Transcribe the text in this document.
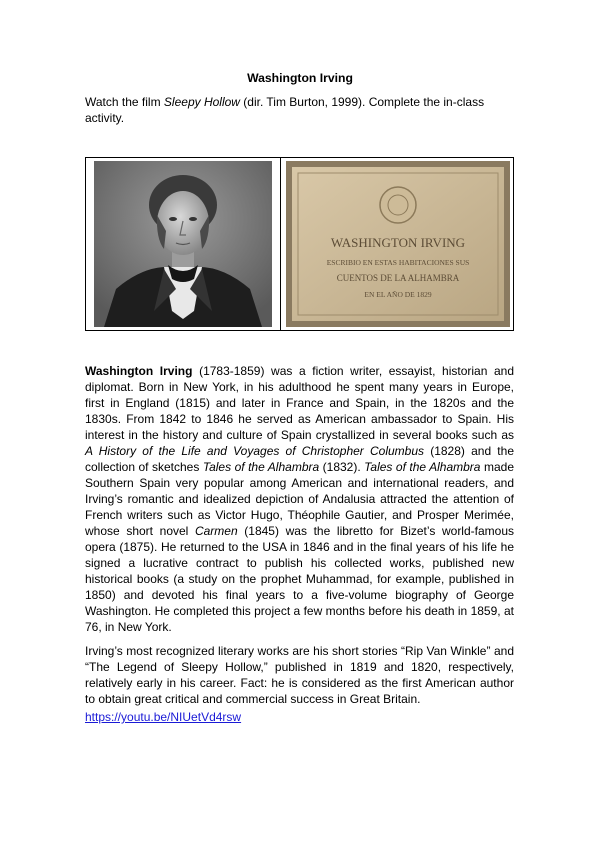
Washington Irving
Watch the film Sleepy Hollow (dir. Tim Burton, 1999). Complete the in-class activity.
WASHINGTON IRVING
ESCRIBIO EN ESTAS HABITACIONES SUS
CUENTOS DE LA ALHAMBRA
EN EL AÑO DE 1829

Washington Irving (1783-1859) was a fiction writer, essayist, historian and diplomat. Born in New York, in his adulthood he spent many years in Europe, first in England (1815) and later in France and Spain, in the 1820s and the 1830s. From 1842 to 1846 he served as American ambassador to Spain. His interest in the history and culture of Spain crystallized in several books such as A History of the Life and Voyages of Christopher Columbus (1828) and the collection of sketches Tales of the Alhambra (1832). Tales of the Alhambra made Southern Spain very popular among American and international readers, and Irving’s romantic and idealized depiction of Andalusia attracted the attention of French writers such as Victor Hugo, Théophile Gautier, and Prosper Merimée, whose short novel Carmen (1845) was the libretto for Bizet’s world-famous opera (1875). He returned to the USA in 1846 and in the final years of his life he signed a lucrative contract to publish his collected works, published new historical books (a study on the prophet Muhammad, for example, published in 1850) and devoted his final years to a five-volume biography of George Washington. He completed this project a few months before his death in 1859, at 76, in New York.

Irving’s most recognized literary works are his short stories “Rip Van Winkle” and “The Legend of Sleepy Hollow,” published in 1819 and 1820, respectively, relatively early in his career. Fact: he is considered as the first American author to obtain great critical and commercial success in Great Britain.

https://youtu.be/NIUetVd4rsw
